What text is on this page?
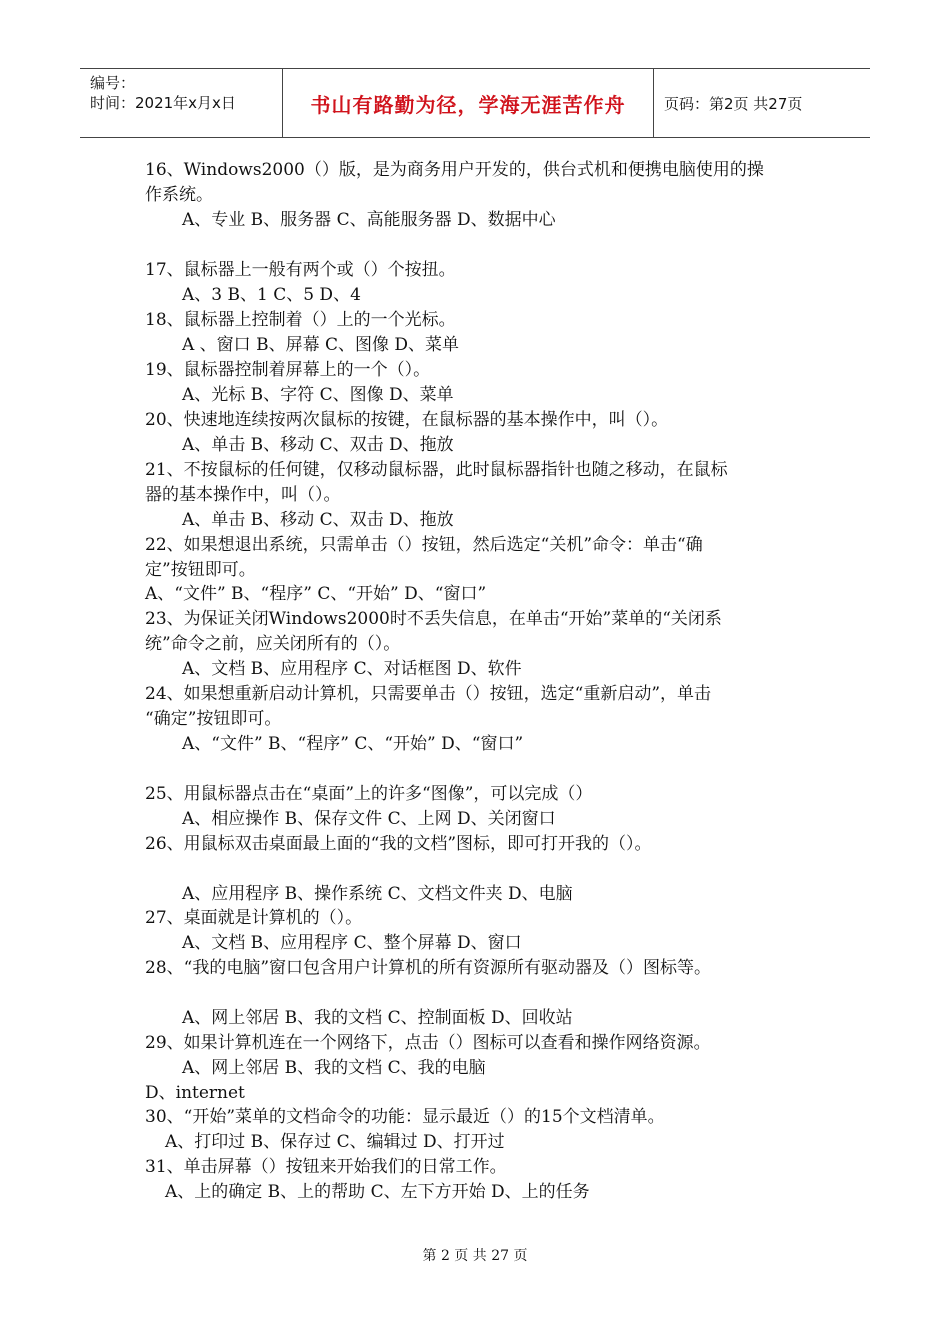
编号：
时间：2021年x月x日	书山有路勤为径，学海无涯苦作舟	页码：第2页 共27页
16、Windows2000（）版，是为商务用户开发的，供台式机和便携电脑使用的操
作系统。
A、专业 B、服务器 C、高能服务器 D、数据中心
17、鼠标器上一般有两个或（）个按扭。
A、3 B、1 C、5 D、4
18、鼠标器上控制着（）上的一个光标。
A 、窗口 B、屏幕 C、图像 D、菜单
19、鼠标器控制着屏幕上的一个（）。
A、光标 B、字符 C、图像 D、菜单
20、快速地连续按两次鼠标的按键，在鼠标器的基本操作中，叫（）。
A、单击 B、移动 C、双击 D、拖放
21、不按鼠标的任何键，仅移动鼠标器，此时鼠标器指针也随之移动，在鼠标
器的基本操作中，叫（）。
A、单击 B、移动 C、双击 D、拖放
22、如果想退出系统，只需单击（）按钮，然后选定“关机”命令：单击“确
定”按钮即可。
A、“文件” B、“程序” C、“开始” D、“窗口”
23、为保证关闭Windows2000时不丢失信息，在单击“开始”菜单的“关闭系
统”命令之前，应关闭所有的（）。
A、文档 B、应用程序 C、对话框图 D、软件
24、如果想重新启动计算机，只需要单击（）按钮，选定“重新启动”，单击
“确定”按钮即可。
A、“文件” B、“程序” C、“开始” D、“窗口”
25、用鼠标器点击在“桌面”上的许多“图像”，可以完成（）
A、相应操作 B、保存文件 C、上网 D、关闭窗口
26、用鼠标双击桌面最上面的“我的文档”图标，即可打开我的（）。
A、应用程序 B、操作系统 C、文档文件夹 D、电脑
27、桌面就是计算机的（）。
A、文档 B、应用程序 C、整个屏幕 D、窗口
28、“我的电脑”窗口包含用户计算机的所有资源所有驱动器及（）图标等。
A、网上邻居 B、我的文档 C、控制面板 D、回收站
29、如果计算机连在一个网络下，点击（）图标可以查看和操作网络资源。
A、网上邻居 B、我的文档 C、我的电脑
D、internet
30、“开始”菜单的文档命令的功能：显示最近（）的15个文档清单。
A、打印过 B、保存过 C、编辑过 D、打开过
31、单击屏幕（）按钮来开始我们的日常工作。
A、上的确定 B、上的帮助 C、左下方开始 D、上的任务
第 2 页 共 27 页
